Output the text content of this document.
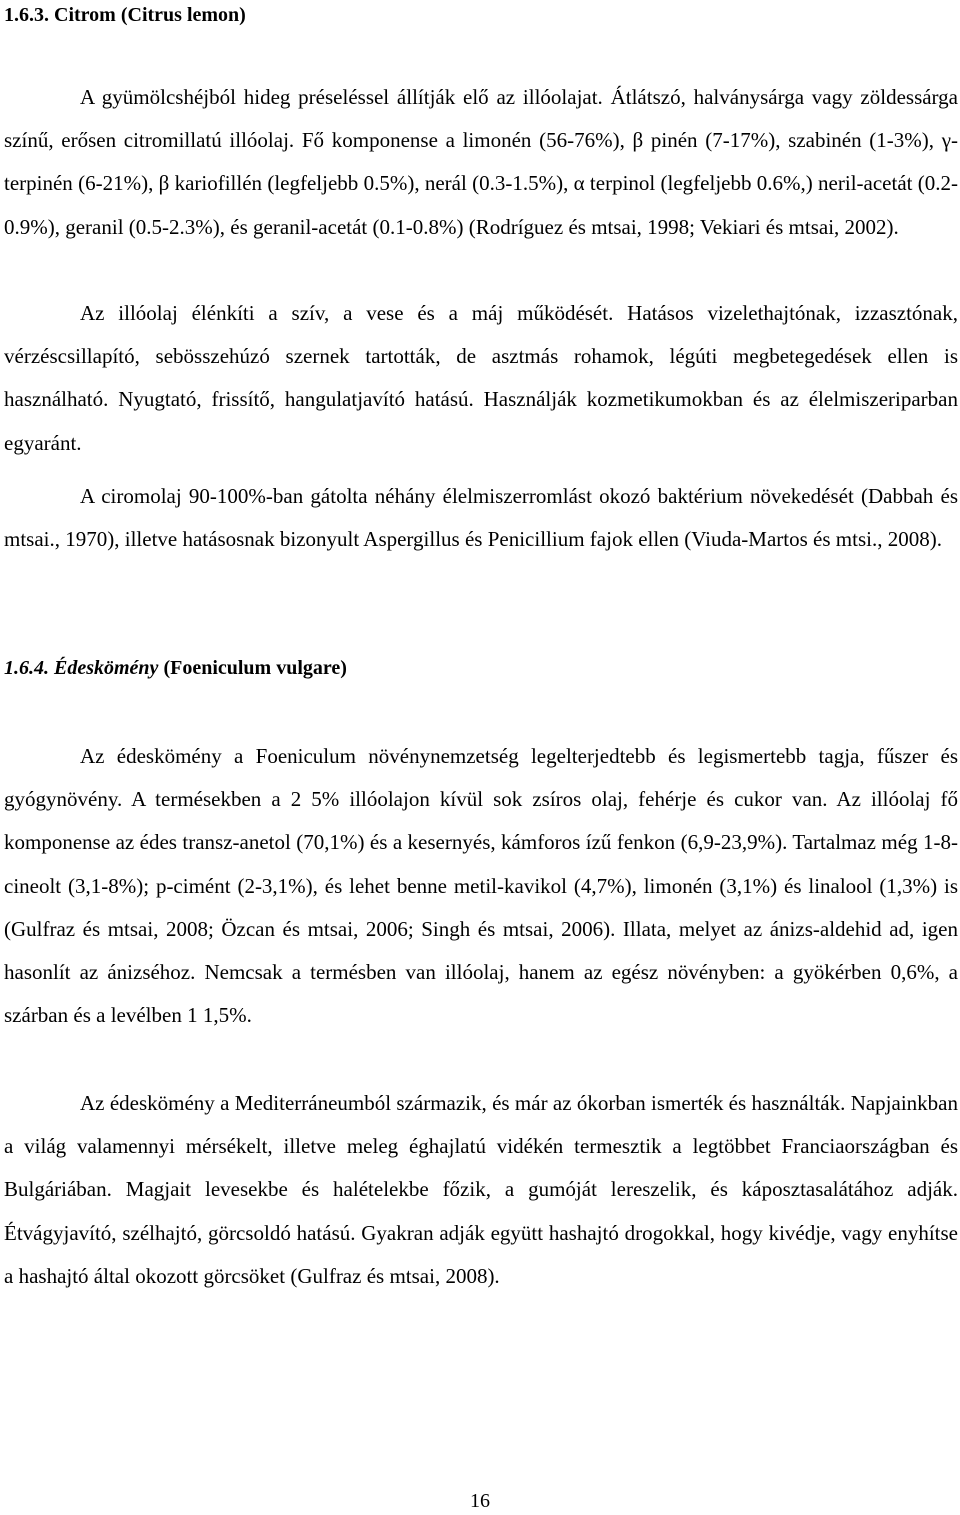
1.6.3. Citrom (Citrus lemon)
A gyümölcshéjból hideg préseléssel állítják elő az illóolajat. Átlátszó, halványsárga vagy zöldessárga színű, erősen citromillatú illóolaj. Fő komponense a limonén (56-76%), β pinén (7-17%), szabinén (1-3%), γ-terpinén (6-21%), β kariofillén (legfeljebb 0.5%), nerál (0.3-1.5%), α terpinol (legfeljebb 0.6%,) neril-acetát (0.2-0.9%), geranil (0.5-2.3%), és geranil-acetát (0.1-0.8%) (Rodríguez és mtsai, 1998; Vekiari és mtsai, 2002).
Az illóolaj élénkíti a szív, a vese és a máj működését. Hatásos vizelethajtónak, izzasztónak, vérzéscsillapító, sebösszehúzó szernek tartották, de asztmás rohamok, légúti megbetegedések ellen is használható. Nyugtató, frissítő, hangulatjavító hatású. Használják kozmetikumokban és az élelmiszeriparban egyaránt.
A ciromolaj 90-100%-ban gátolta néhány élelmiszerromlást okozó baktérium növekedését (Dabbah és mtsai., 1970), illetve hatásosnak bizonyult Aspergillus és Penicillium fajok ellen (Viuda-Martos és mtsi., 2008).
1.6.4. Édeskömény (Foeniculum vulgare)
Az édeskömény a Foeniculum növénynemzetség legelterjedtebb és legismertebb tagja, fűszer és gyógynövény. A termésekben a 2 5% illóolajon kívül sok zsíros olaj, fehérje és cukor van. Az illóolaj fő komponense az édes transz-anetol (70,1%) és a kesernyés, kámforos ízű fenkon (6,9-23,9%). Tartalmaz még 1-8-cineolt (3,1-8%); p-cimént (2-3,1%), és lehet benne metil-kavikol (4,7%), limonén (3,1%) és linalool (1,3%) is (Gulfraz és mtsai, 2008; Özcan és mtsai, 2006; Singh és mtsai, 2006). Illata, melyet az ánizs-aldehid ad, igen hasonlít az ánizséhoz. Nemcsak a termésben van illóolaj, hanem az egész növényben: a gyökérben 0,6%, a szárban és a levélben 1 1,5%.
Az édeskömény a Mediterráneumból származik, és már az ókorban ismerték és használták. Napjainkban a világ valamennyi mérsékelt, illetve meleg éghajlatú vidékén termesztik a legtöbbet Franciaországban és Bulgáriában. Magjait levesekbe és halételekbe főzik, a gumóját lereszelik, és káposztasalátához adják. Étvágyjavító, szélhajtó, görcsoldó hatású. Gyakran adják együtt hashajtó drogokkal, hogy kivédje, vagy enyhítse a hashajtó által okozott görcsöket (Gulfraz és mtsai, 2008).
16
